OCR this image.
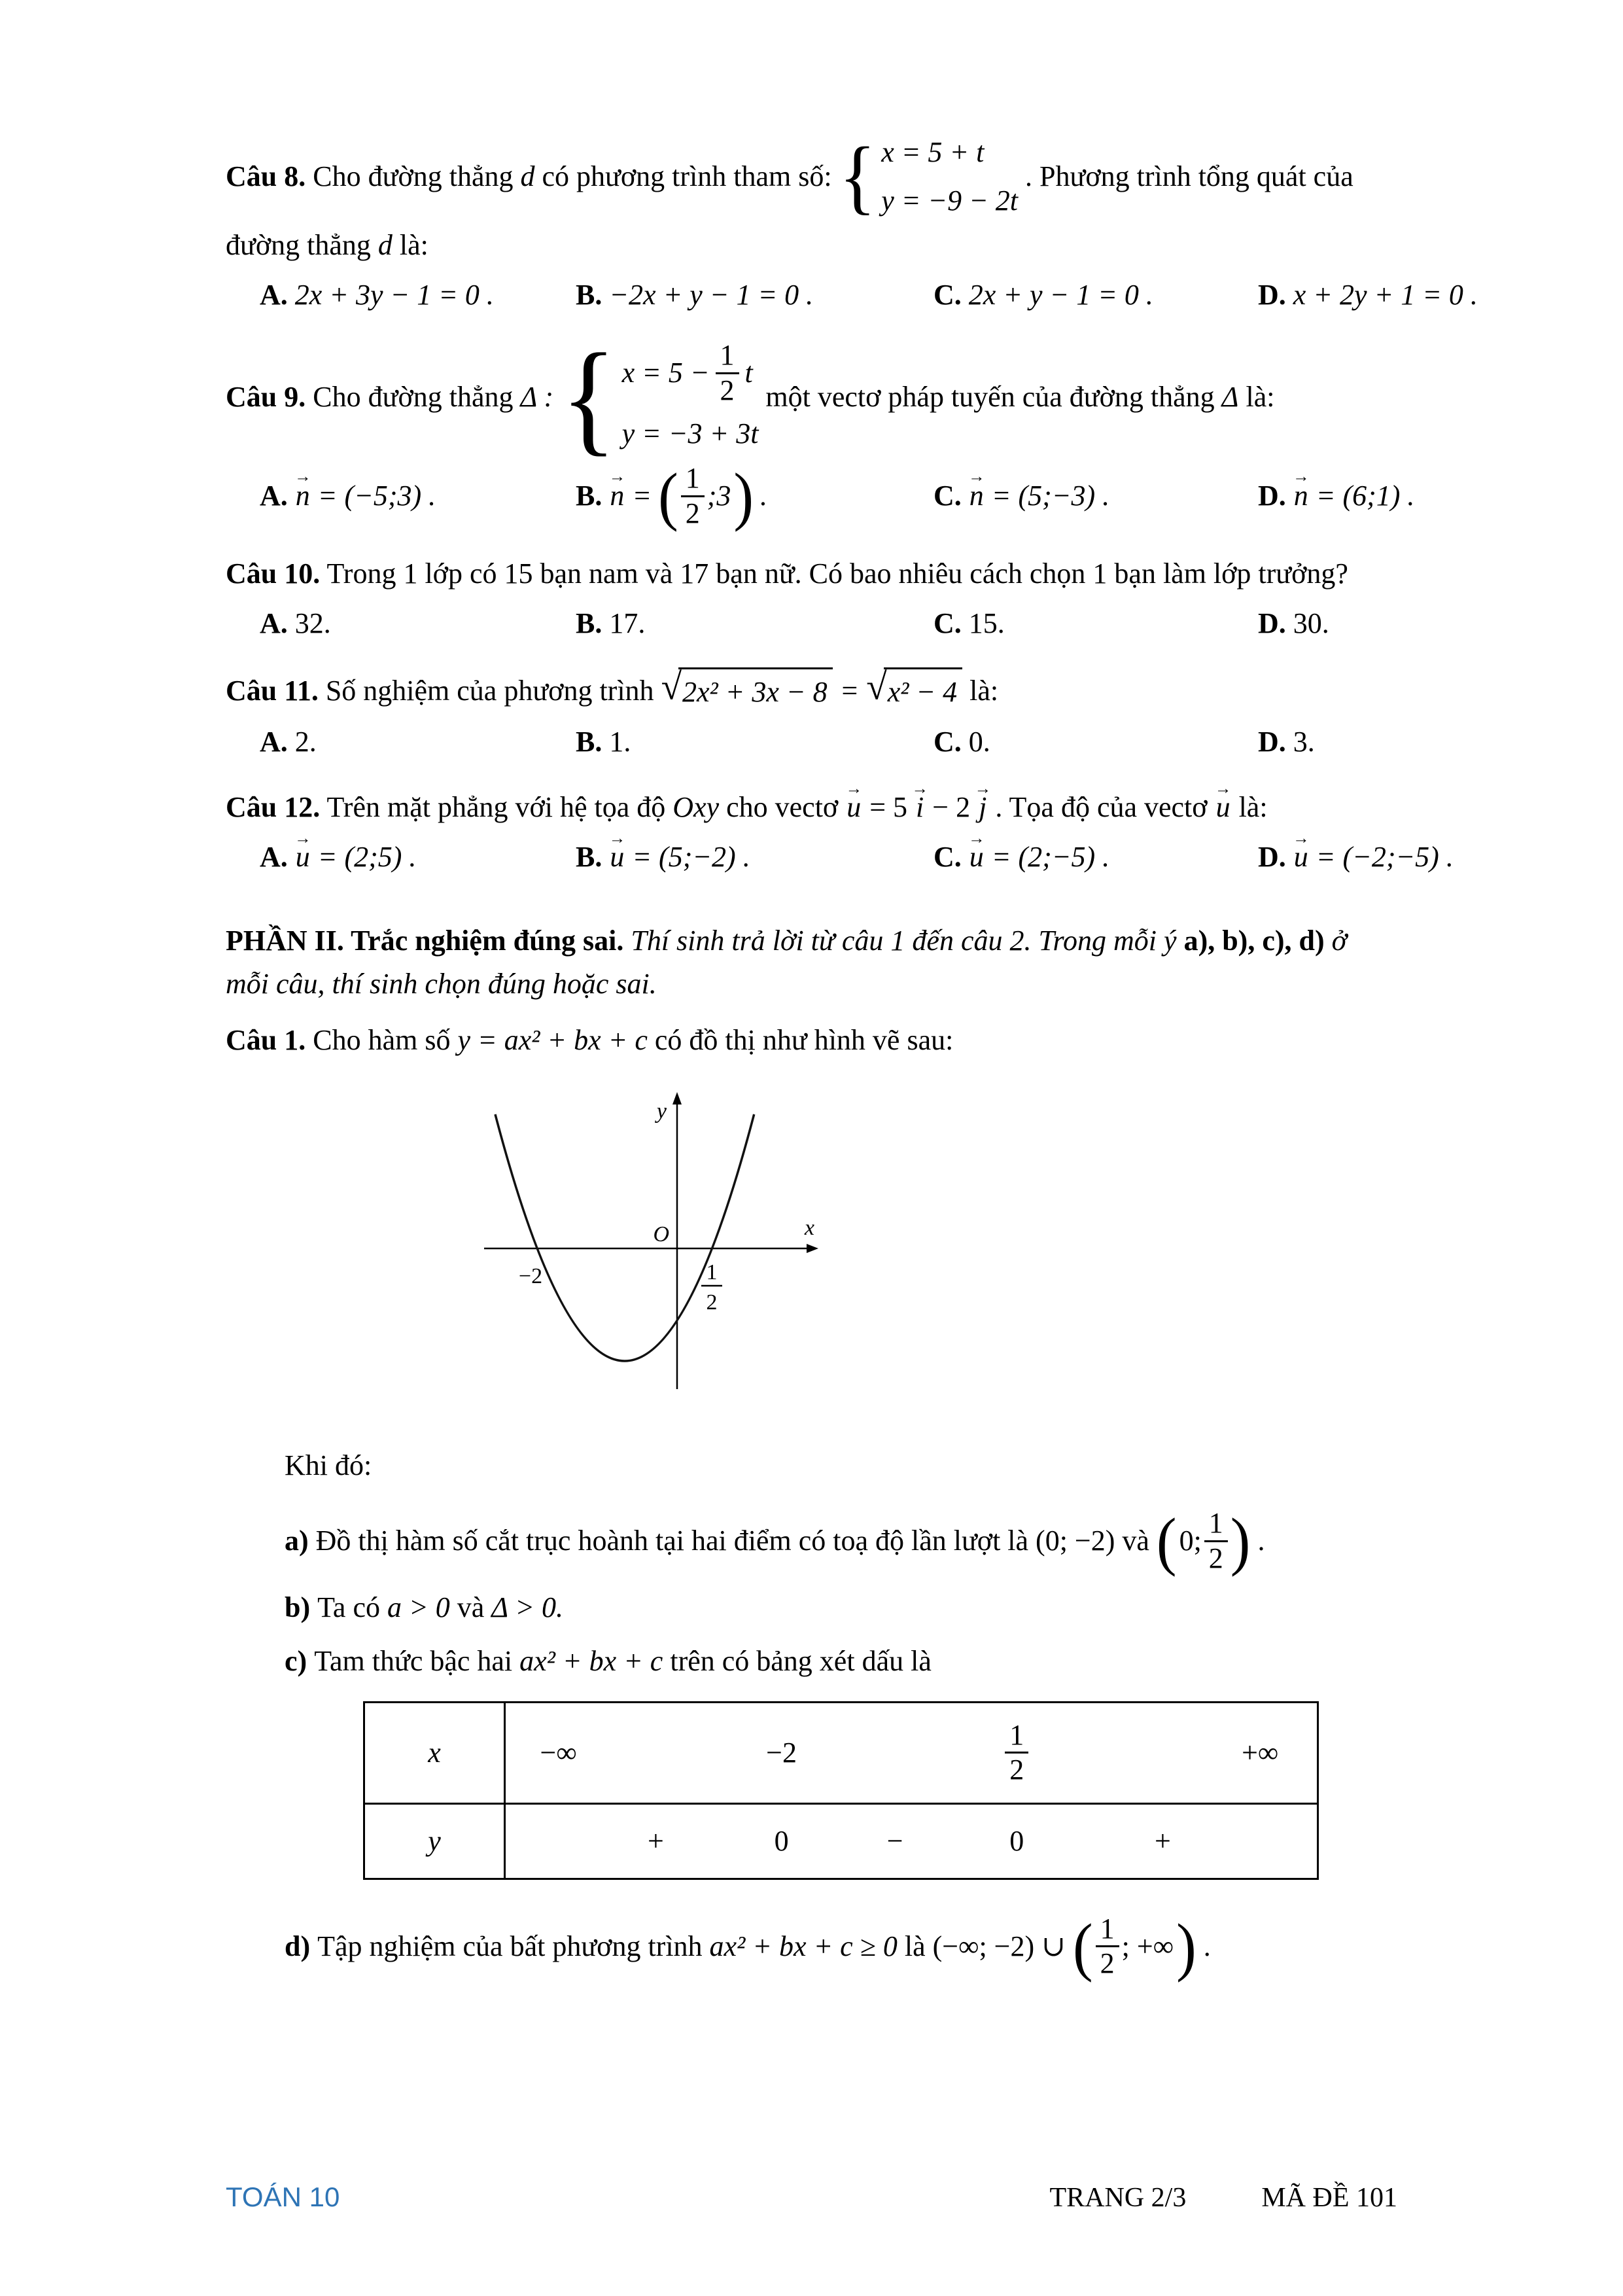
Câu 8. Cho đường thẳng d có phương trình tham số: { x = 5 + t
y = −9 − 2t
. Phương trình tổng quát của
đường thẳng d là:
A. 2x + 3y − 1 = 0 .	B. −2x + y − 1 = 0 .	C. 2x + y − 1 = 0 .	D. x + 2y + 1 = 0 .
Câu 9. Cho đường thẳng Δ : { $x = 5 - \frac{1}{2}$ t
y = −3 + 3t
một vectơ pháp tuyến của đường thẳng Δ là:
A. n
→
= (−5;3) .	B. n
→
= ( $\frac{1}{2}$ ;3 ) .	C. n
→
= (5;−3) .	D. n
→
= (6;1) .
Câu 10. Trong 1 lớp có 15 bạn nam và 17 bạn nữ. Có bao nhiêu cách chọn 1 bạn làm lớp trưởng?
A. 32.	B. 17.	C. 15.	D. 30.
Câu 11. Số nghiệm của phương trình √ 2x² + 3x − 8 = √ x² − 4 là:
A. 2.	B. 1.	C. 0.	D. 3.
Câu 12. Trên mặt phẳng với hệ tọa độ Oxy cho vectơ u
→
= 5 i
→
− 2 j
→
. Tọa độ của vectơ u
→
là:
A. u
→
= (2;5) .	B. u
→
= (5;−2) .	C. u
→
= (2;−5) .	D. u
→
= (−2;−5) .
PHẦN II. Trắc nghiệm đúng sai. Thí sinh trả lời từ câu 1 đến câu 2. Trong mỗi ý a), b), c), d) ở mỗi câu, thí sinh chọn đúng hoặc sai.
Câu 1. Cho hàm số y = ax² + bx + c có đồ thị như hình vẽ sau:
y
x
O
−2	1
2
Khi đó:
a) Đồ thị hàm số cắt trục hoành tại hai điểm có toạ độ lần lượt là (0; −2) và ( 0; $\frac{1}{2}$ ) .
b) Ta có a > 0 và Δ > 0.
c) Tam thức bậc hai ax² + bx + c trên có bảng xét dấu là
x	−∞	−2	$\frac{1}{2}$	+∞
y	+	0	−	0	+
d) Tập nghiệm của bất phương trình ax² + bx + c ≥ 0 là (−∞; −2) ∪ ( $\frac{1}{2}$ ; +∞ ) .
TOÁN 10	TRANG 2/3	MÃ ĐỀ 101
